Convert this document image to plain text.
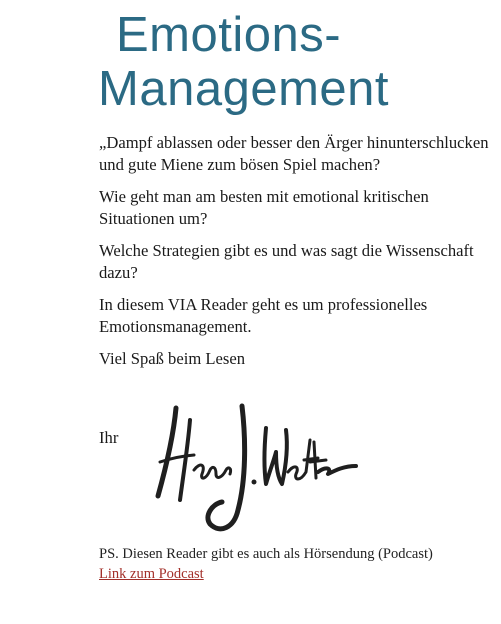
Emotions-
Management

„Dampf ablassen oder besser den Ärger hinunterschlucken und gute Miene zum bösen Spiel machen?

Wie geht man am besten mit emotional kritischen Situationen um?

Welche Strategien gibt es und was sagt die Wissenschaft dazu?

In diesem VIA Reader geht es um professionelles Emotionsmanagement.

Viel Spaß beim Lesen

Ihr
PS. Diesen Reader gibt es auch als Hörsendung (Podcast)
Link zum Podcast
